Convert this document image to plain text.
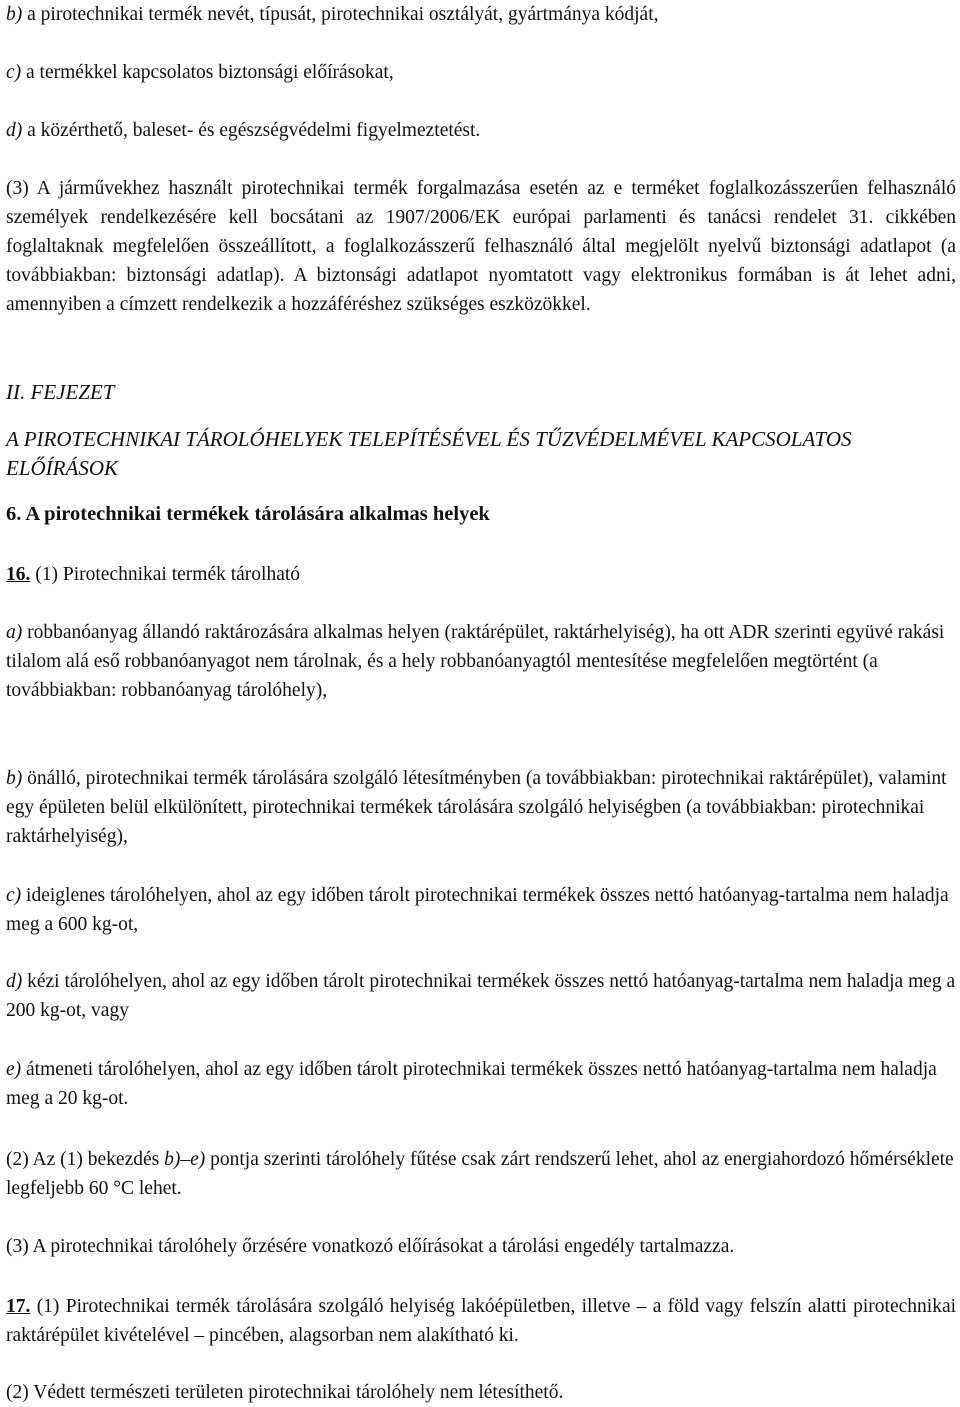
b) a pirotechnikai termék nevét, típusát, pirotechnikai osztályát, gyártmánya kódját,

c) a termékkel kapcsolatos biztonsági előírásokat,

d) a közérthető, baleset- és egészségvédelmi figyelmeztetést.

(3) A járművekhez használt pirotechnikai termék forgalmazása esetén az e terméket foglalkozásszerűen felhasználó személyek rendelkezésére kell bocsátani az 1907/2006/EK európai parlamenti és tanácsi rendelet 31. cikkében foglaltaknak megfelelően összeállított, a foglalkozásszerű felhasználó által megjelölt nyelvű biztonsági adatlapot (a továbbiakban: biztonsági adatlap). A biztonsági adatlapot nyomtatott vagy elektronikus formában is át lehet adni, amennyiben a címzett rendelkezik a hozzáféréshez szükséges eszközökkel.

II. FEJEZET

A PIROTECHNIKAI TÁROLÓHELYEK TELEPÍTÉSÉVEL ÉS TŰZVÉDELMÉVEL KAPCSOLATOS ELŐÍRÁSOK

6. A pirotechnikai termékek tárolására alkalmas helyek

16. (1) Pirotechnikai termék tárolható

a) robbanóanyag állandó raktározására alkalmas helyen (raktárépület, raktárhelyiség), ha ott ADR szerinti együvé rakási tilalom alá eső robbanóanyagot nem tárolnak, és a hely robbanóanyagtól mentesítése megfelelően megtörtént (a továbbiakban: robbanóanyag tárolóhely),

b) önálló, pirotechnikai termék tárolására szolgáló létesítményben (a továbbiakban: pirotechnikai raktárépület), valamint egy épületen belül elkülönített, pirotechnikai termékek tárolására szolgáló helyiségben (a továbbiakban: pirotechnikai raktárhelyiség),

c) ideiglenes tárolóhelyen, ahol az egy időben tárolt pirotechnikai termékek összes nettó hatóanyag-tartalma nem haladja meg a 600 kg-ot,

d) kézi tárolóhelyen, ahol az egy időben tárolt pirotechnikai termékek összes nettó hatóanyag-tartalma nem haladja meg a 200 kg-ot, vagy

e) átmeneti tárolóhelyen, ahol az egy időben tárolt pirotechnikai termékek összes nettó hatóanyag-tartalma nem haladja meg a 20 kg-ot.

(2) Az (1) bekezdés b)–e) pontja szerinti tárolóhely fűtése csak zárt rendszerű lehet, ahol az energiahordozó hőmérséklete legfeljebb 60 °C lehet.

(3) A pirotechnikai tárolóhely őrzésére vonatkozó előírásokat a tárolási engedély tartalmazza.

17. (1) Pirotechnikai termék tárolására szolgáló helyiség lakóépületben, illetve – a föld vagy felszín alatti pirotechnikai raktárépület kivételével – pincében, alagsorban nem alakítható ki.

(2) Védett természeti területen pirotechnikai tárolóhely nem létesíthető.
